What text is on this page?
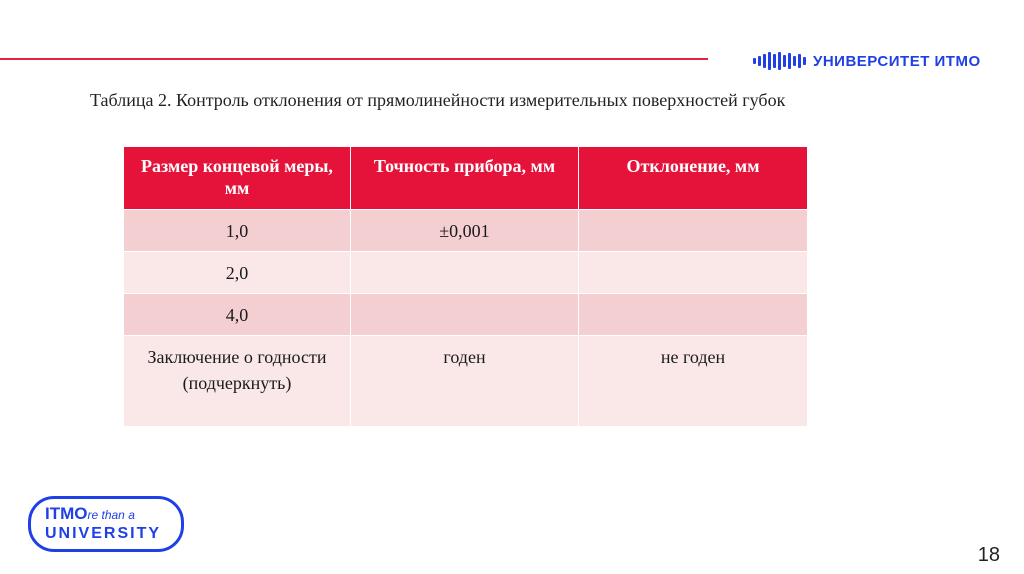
УНИВЕРСИТЕТ ИТМО
Таблица 2. Контроль отклонения от прямолинейности измерительных поверхностей губок
Размер концевой меры, мм	Точность прибора, мм	Отклонение, мм
1,0	±0,001	
2,0		
4,0		
Заключение о годности (подчеркнуть)	годен	не годен
ITMOre than a
UNIVERSITY
18
